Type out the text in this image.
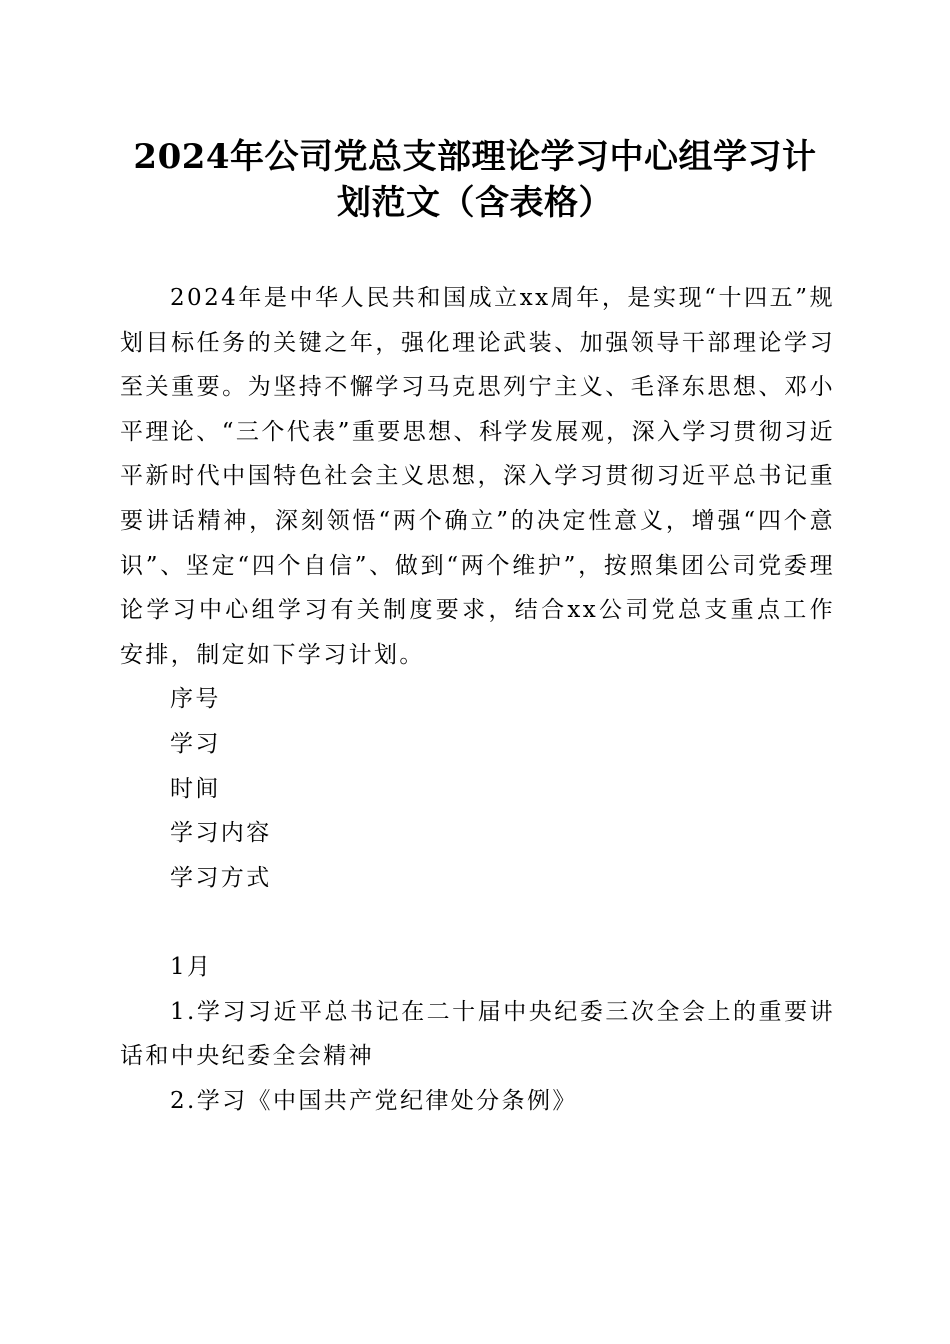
2024年公司党总支部理论学习中心组学习计
划范文（含表格）

2024年是中华人民共和国成立xx周年，是实现“十四五”规划目标任务的关键之年，强化理论武装、加强领导干部理论学习至关重要。为坚持不懈学习马克思列宁主义、毛泽东思想、邓小平理论、“三个代表”重要思想、科学发展观，深入学习贯彻习近平新时代中国特色社会主义思想，深入学习贯彻习近平总书记重要讲话精神，深刻领悟“两个确立”的决定性意义，增强“四个意识”、坚定“四个自信”、做到“两个维护”，按照集团公司党委理论学习中心组学习有关制度要求，结合xx公司党总支重点工作安排，制定如下学习计划。

序号

学习

时间

学习内容

学习方式

1月

1.学习习近平总书记在二十届中央纪委三次全会上的重要讲话和中央纪委全会精神

2.学习《中国共产党纪律处分条例》
